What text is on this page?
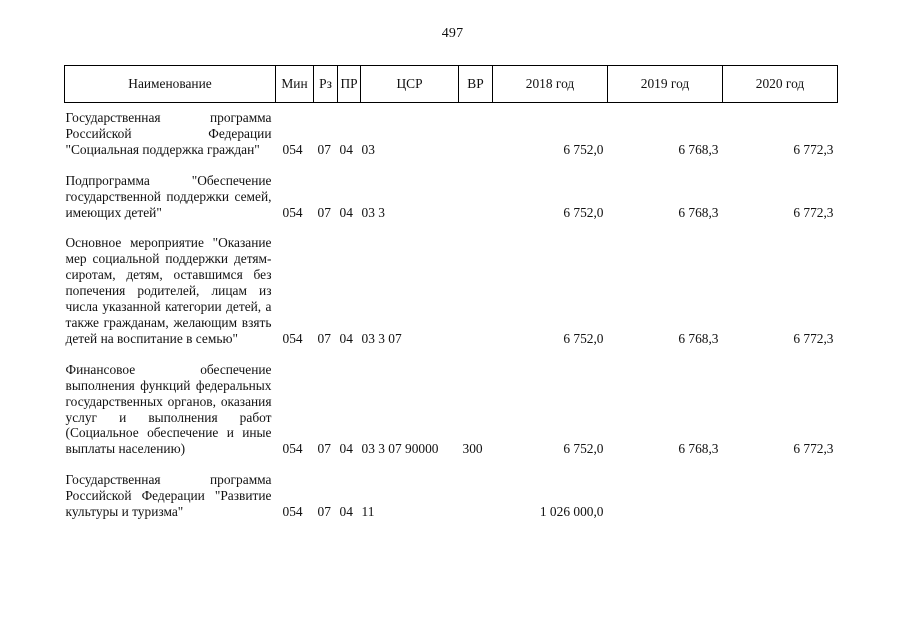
497
Наименование	Мин	Рз	ПР	ЦСР	ВР	2018 год	2019 год	2020 год
Государственная программа Российской Федерации "Социальная поддержка граждан"	054	07	04	03		6 752,0	6 768,3	6 772,3
Подпрограмма "Обеспечение государственной поддержки семей, имеющих детей"	054	07	04	03 3		6 752,0	6 768,3	6 772,3
Основное мероприятие "Оказание мер социальной поддержки детям-сиротам, детям, оставшимся без попечения родителей, лицам из числа указанной категории детей, а также гражданам, желающим взять детей на воспитание в семью"	054	07	04	03 3 07		6 752,0	6 768,3	6 772,3
Финансовое обеспечение выполнения функций федеральных государственных органов, оказания услуг и выполнения работ (Социальное обеспечение и иные выплаты населению)	054	07	04	03 3 07 90000	300	6 752,0	6 768,3	6 772,3
Государственная программа Российской Федерации "Развитие культуры и туризма"	054	07	04	11		1 026 000,0		
